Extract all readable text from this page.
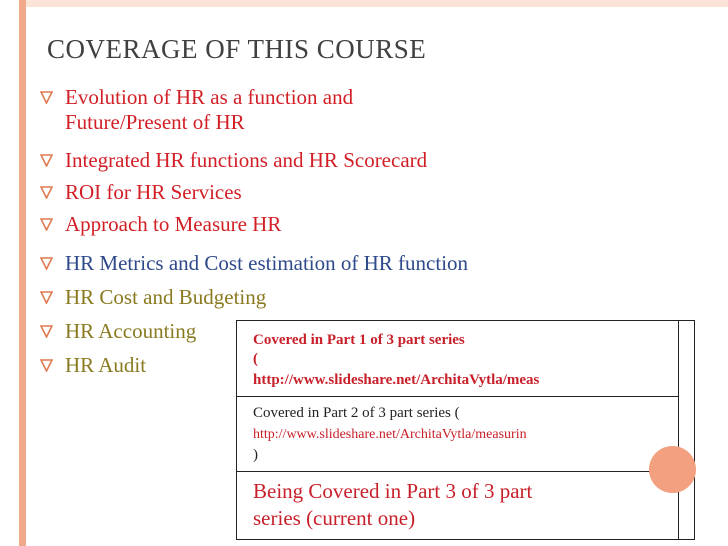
COVERAGE OF THIS COURSE
Evolution of HR as a function and
Future/Present of HR
Integrated HR functions and HR Scorecard
ROI for HR Services
Approach to Measure HR
HR Metrics and Cost estimation of HR function
HR Cost and Budgeting
HR Accounting
HR Audit
Covered in Part 1 of 3 part series
(
http://www.slideshare.net/ArchitaVytla/meas
Covered in Part 2 of 3 part series (
http://www.slideshare.net/ArchitaVytla/measurin
)
Being Covered in Part 3 of 3 part
series (current one)
